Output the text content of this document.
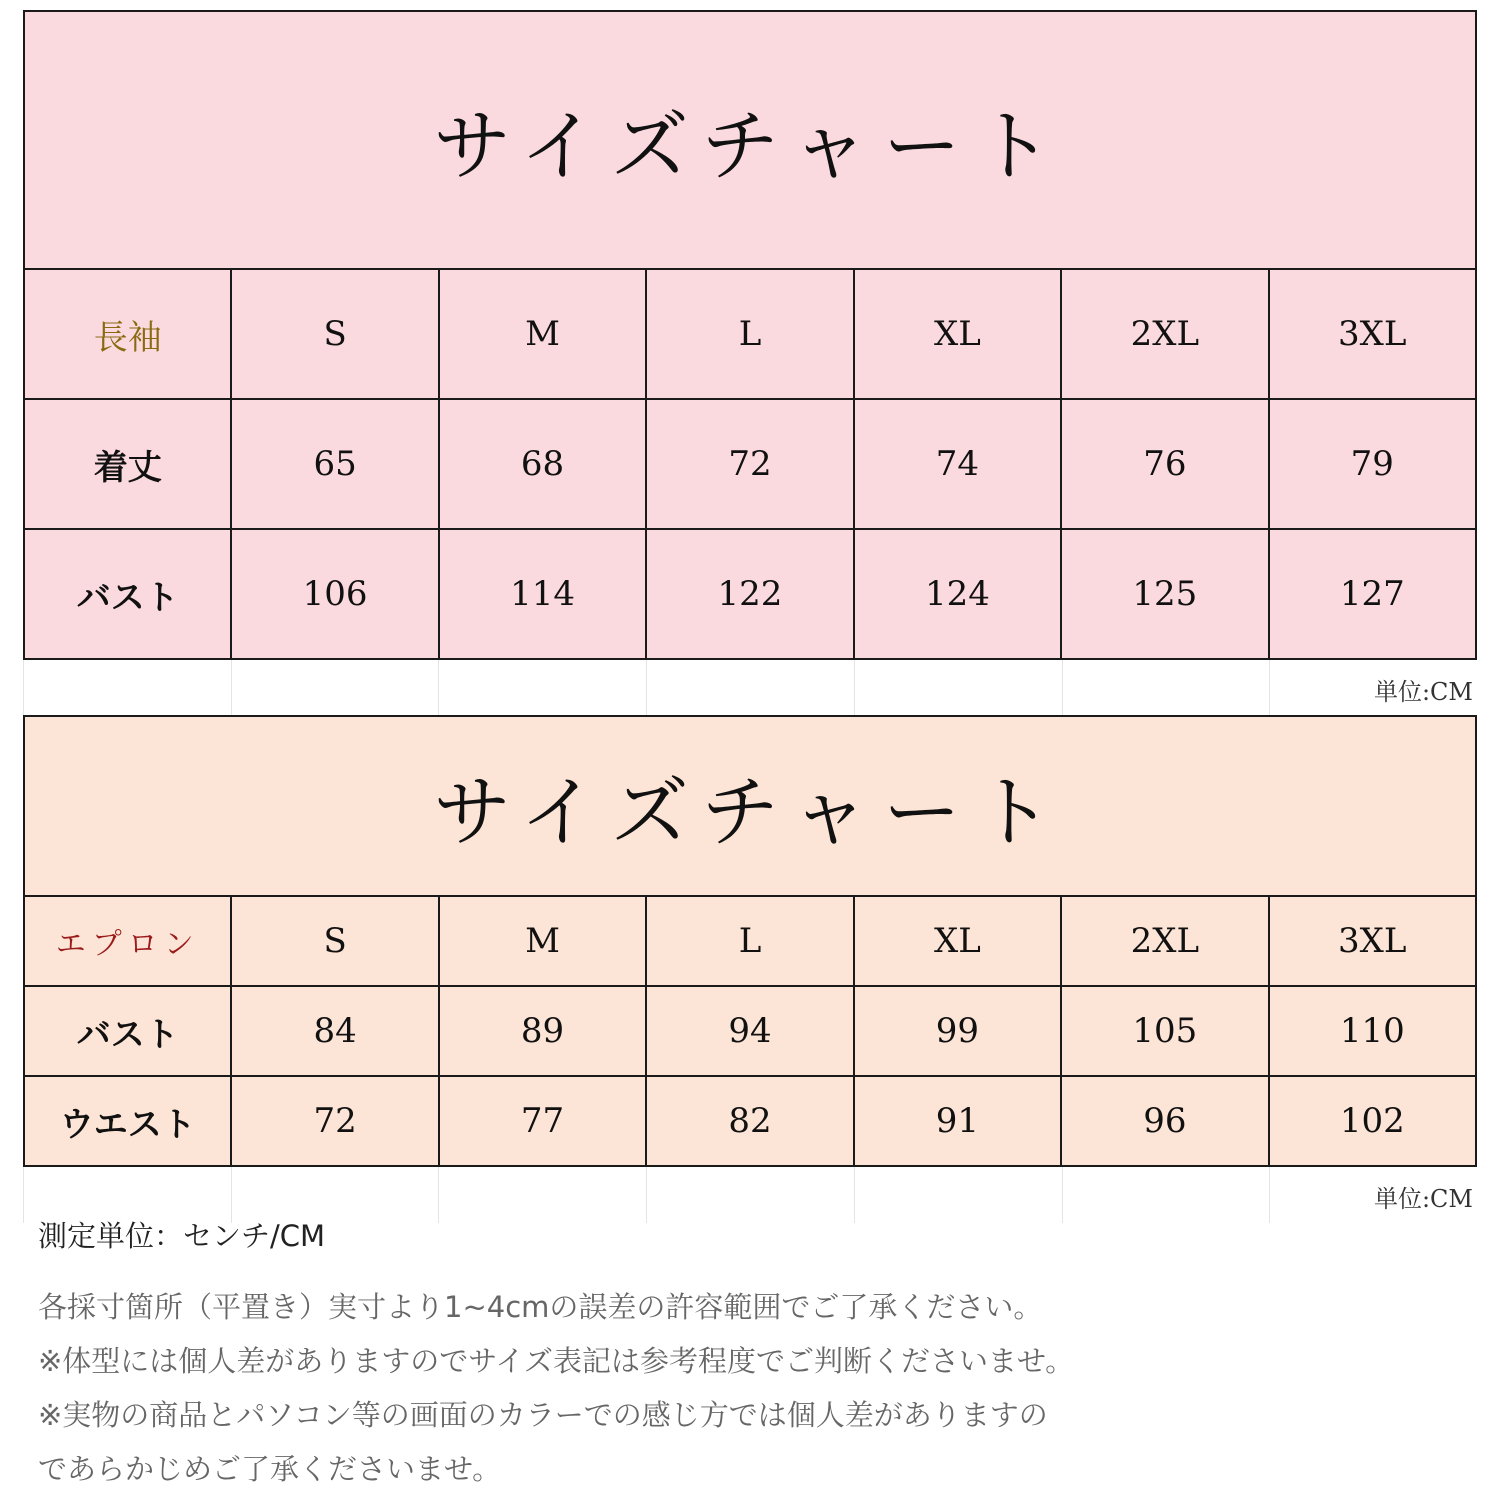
サイズチャート
長袖	S	M	L	XL	2XL	3XL
着丈	65	68	72	74	76	79
バスト	106	114	122	124	125	127
単位:CM
サイズチャート
エプロン	S	M	L	XL	2XL	3XL
バスト	84	89	94	99	105	110
ウエスト	72	77	82	91	96	102
単位:CM

測定単位：センチ/CM

各採寸箇所（平置き）実寸より1~4cmの誤差の許容範囲でご了承ください。

※体型には個人差がありますのでサイズ表記は参考程度でご判断くださいませ。

※実物の商品とパソコン等の画面のカラーでの感じ方では個人差がありますの

であらかじめご了承くださいませ。
